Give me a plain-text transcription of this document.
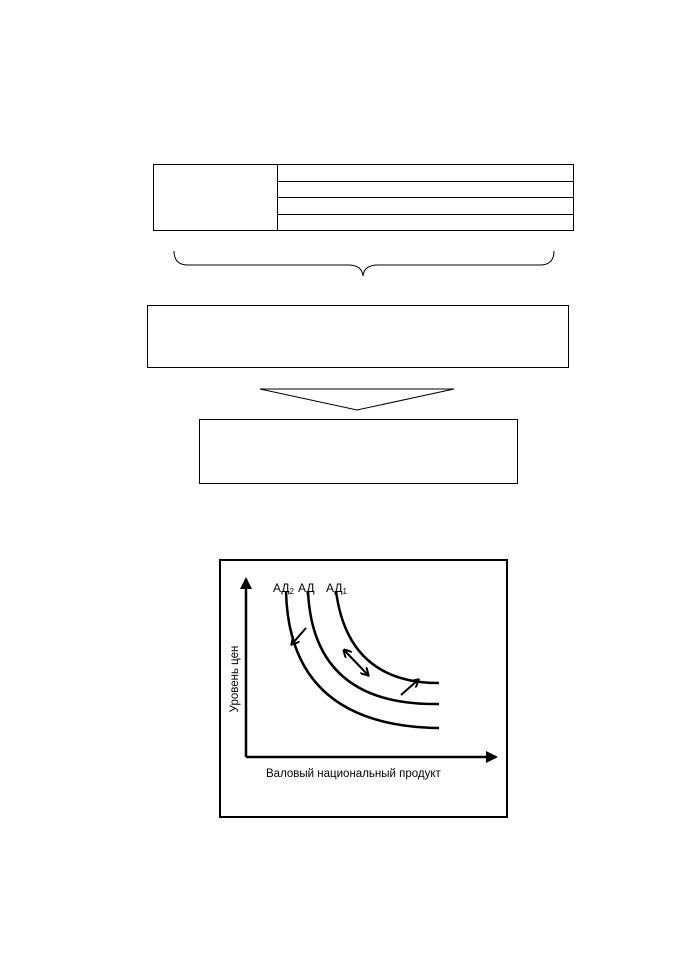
АД2 АД АД1
Валовый национальный продукт
Уровень цен
